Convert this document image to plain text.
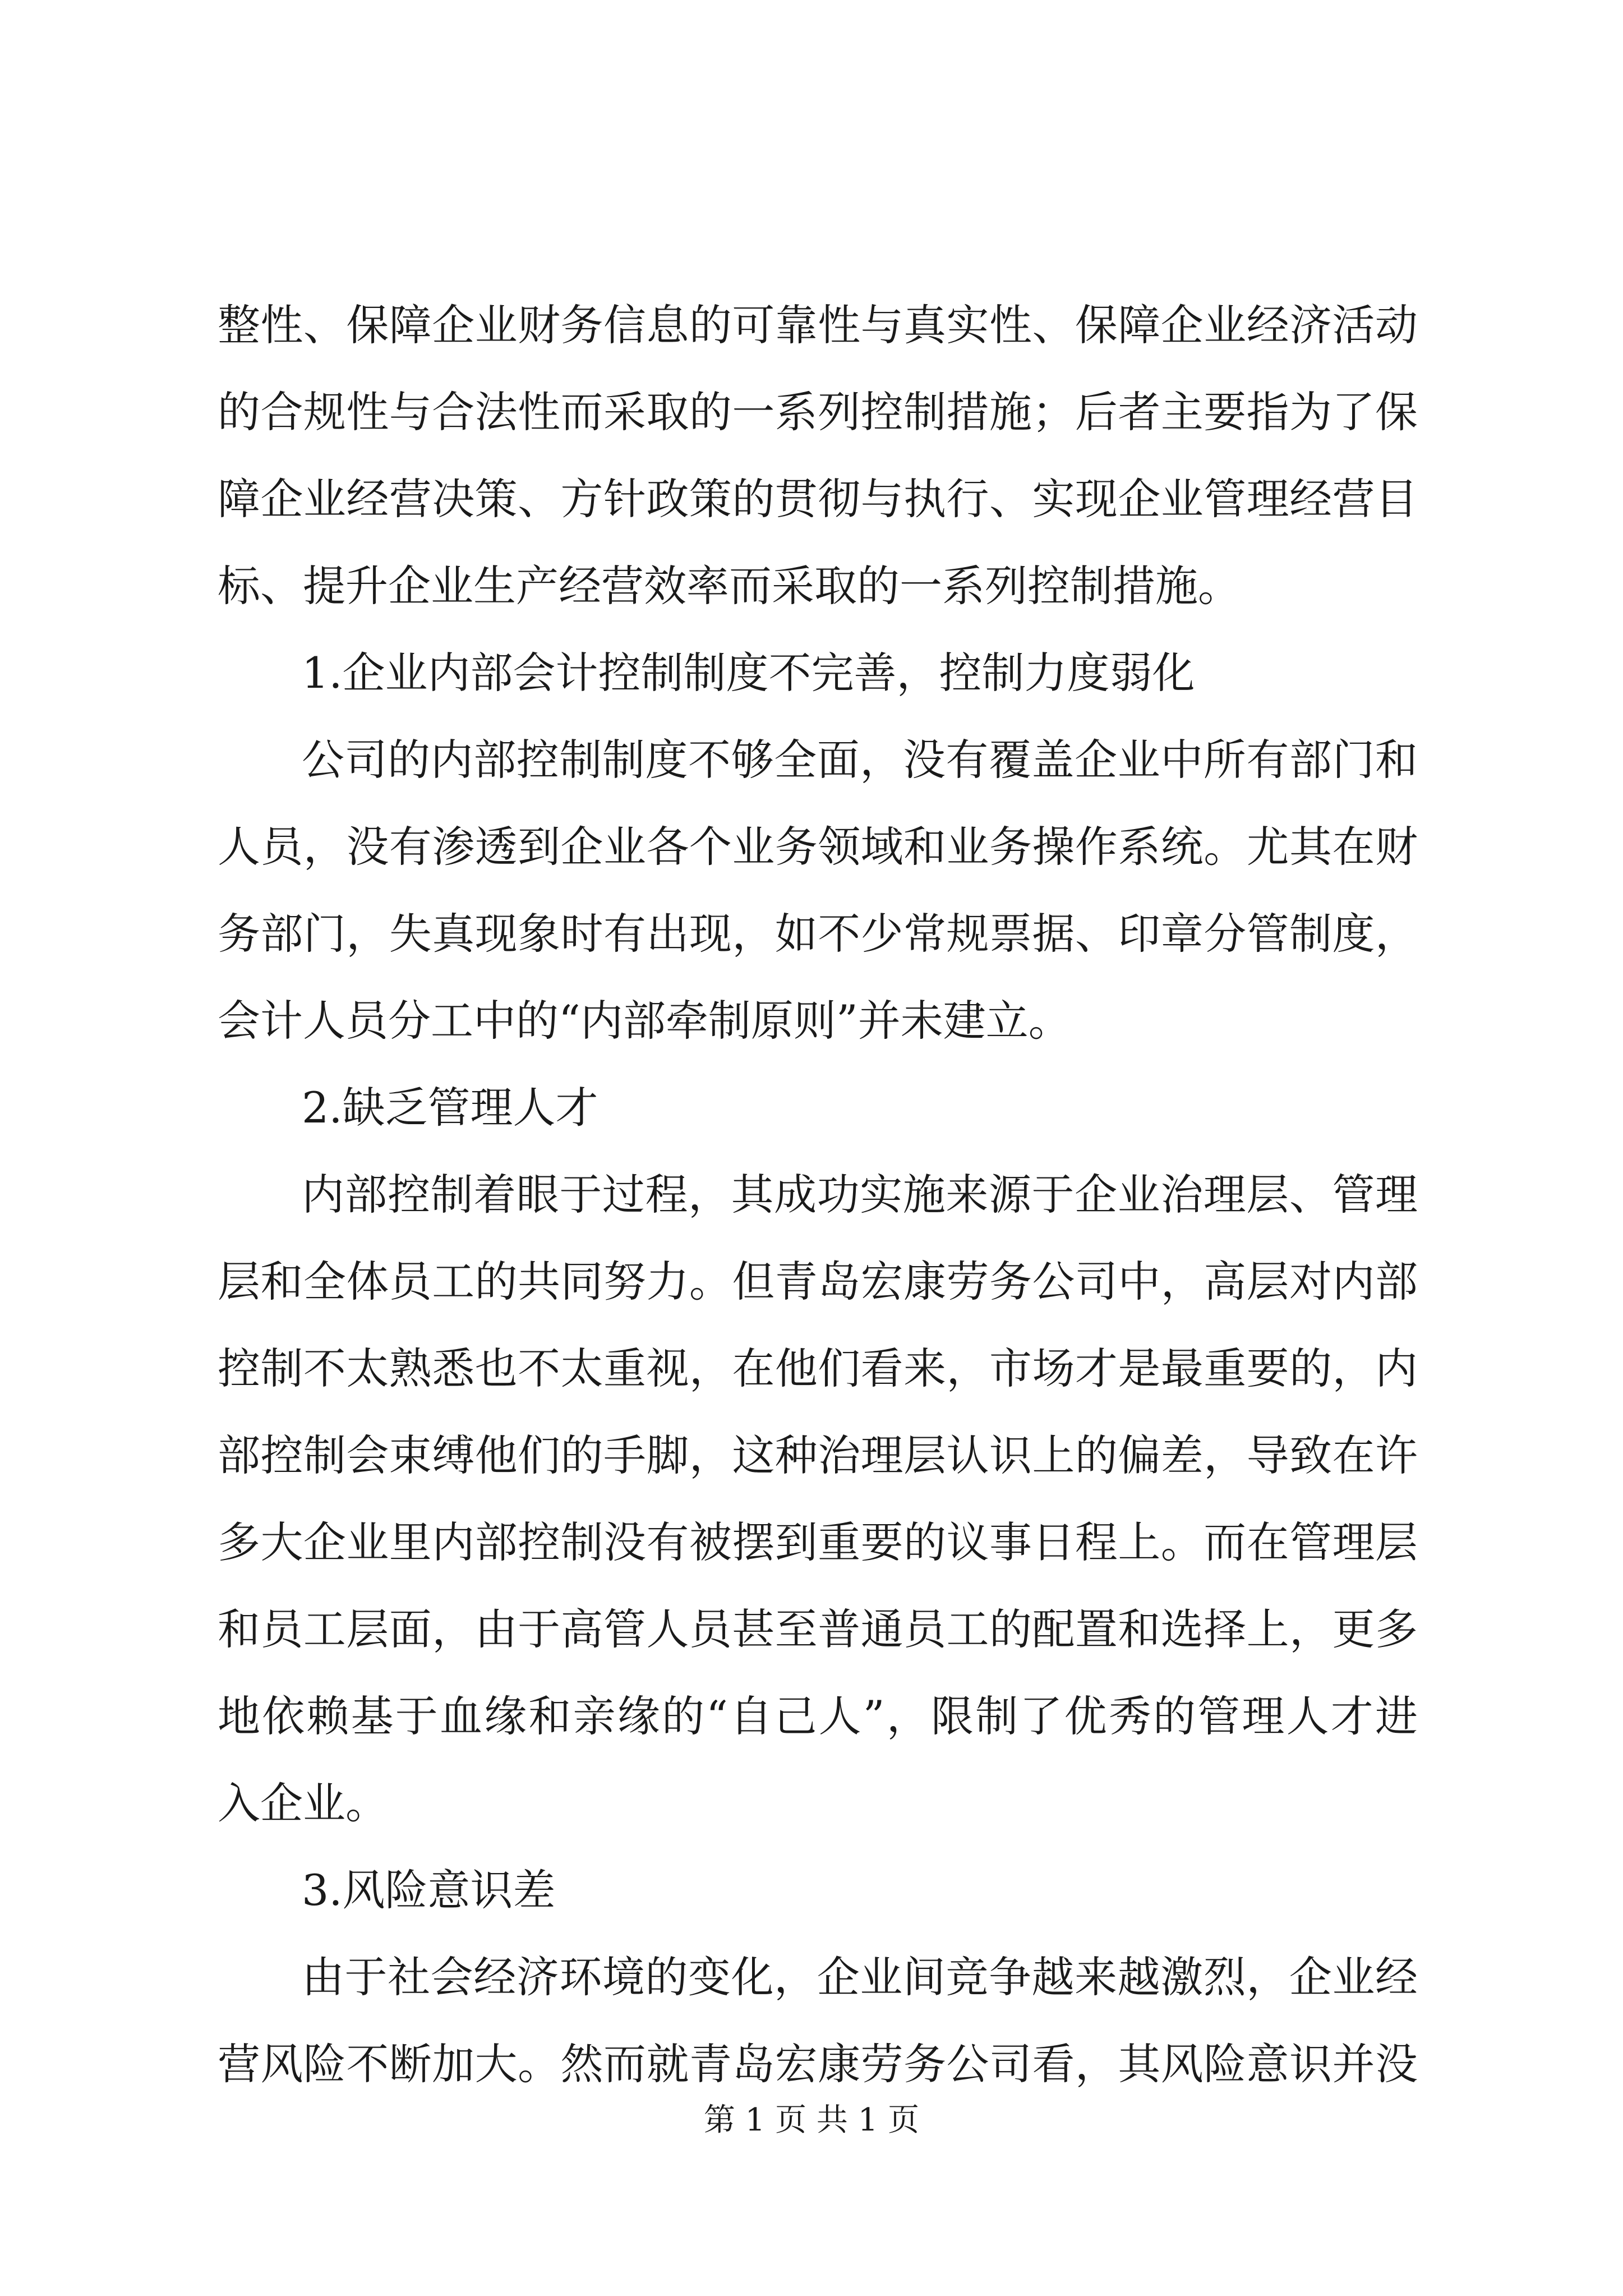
整性、保障企业财务信息的可靠性与真实性、保障企业经济活动
的合规性与合法性而采取的一系列控制措施；后者主要指为了保
障企业经营决策、方针政策的贯彻与执行、实现企业管理经营目
标、提升企业生产经营效率而采取的一系列控制措施。
1.企业内部会计控制制度不完善，控制力度弱化
公司的内部控制制度不够全面，没有覆盖企业中所有部门和
人员，没有渗透到企业各个业务领域和业务操作系统。尤其在财
务部门，失真现象时有出现，如不少常规票据、印章分管制度，
会计人员分工中的“内部牵制原则”并未建立。
2.缺乏管理人才
内部控制着眼于过程，其成功实施来源于企业治理层、管理
层和全体员工的共同努力。但青岛宏康劳务公司中，高层对内部
控制不太熟悉也不太重视，在他们看来，市场才是最重要的，内
部控制会束缚他们的手脚，这种治理层认识上的偏差，导致在许
多大企业里内部控制没有被摆到重要的议事日程上。而在管理层
和员工层面，由于高管人员甚至普通员工的配置和选择上，更多
地依赖基于血缘和亲缘的“自己人”，限制了优秀的管理人才进
入企业。
3.风险意识差
由于社会经济环境的变化，企业间竞争越来越激烈，企业经
营风险不断加大。然而就青岛宏康劳务公司看，其风险意识并没
第 1 页 共 1 页
